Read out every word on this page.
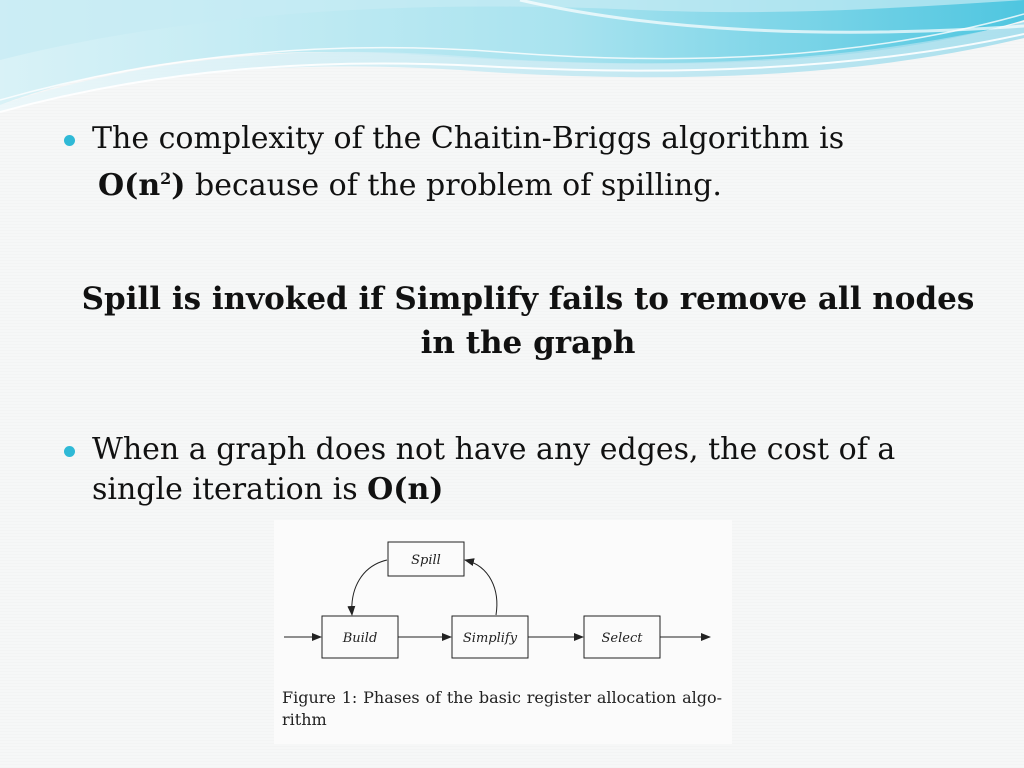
The complexity of the Chaitin-Briggs algorithm is
$O(n^2)$ because of the problem of spilling.
Spill is invoked if Simplify fails to remove all nodes
in the graph
When a graph does not have any edges, the cost of a
single iteration is O(n)
Spill
Build	Simplify	Select
Figure 1: Phases of the basic register allocation algo-rithm
